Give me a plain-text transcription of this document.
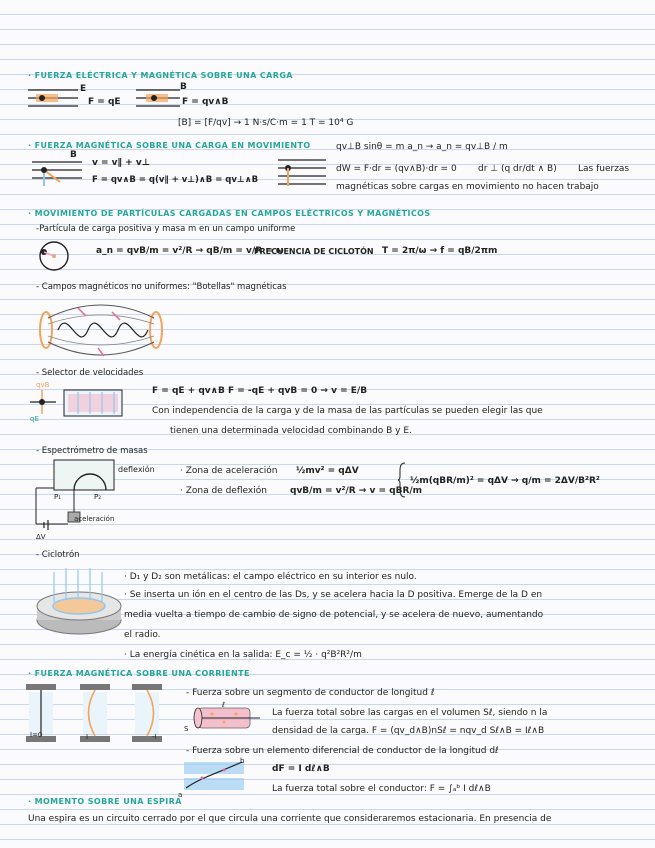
· FUERZA ELÉCTRICA Y MAGNÉTICA SOBRE UNA CARGA
E
F = qE
B
F = qv∧B
[B] = [F/qv] → 1 N·s/C·m = 1 T = 10⁴ G
· FUERZA MAGNÉTICA SOBRE UNA CARGA EN MOVIMIENTO
B
v = v∥ + v⊥
F = qv∧B = q(v∥ + v⊥)∧B = qv⊥∧B
qv⊥B sinθ = m a_n → a_n = qv⊥B / m
dW = F·dr = (qv∧B)·dr = 0 dr ⊥ (q dr/dt ∧ B) Las fuerzas
magnéticas sobre cargas en movimiento no hacen trabajo
· MOVIMIENTO DE PARTÍCULAS CARGADAS EN CAMPOS ELÉCTRICOS Y MAGNÉTICOS
-Partícula de carga positiva y masa m en un campo uniforme
a_n = qvB/m = v²/R → qB/m = v/R = ω
FRECUENCIA DE CICLOTÓN T = 2π/ω → f = qB/2πm
- Campos magnéticos no uniformes: "Botellas" magnéticas
- Selector de velocidades
qvB
qE
F = qE + qv∧B F = -qE + qvB = 0 → v = E/B
Con independencia de la carga y de la masa de las partículas se pueden elegir las que
tienen una determinada velocidad combinando B y E.
- Espectrómetro de masas
deflexión
P₁	P₂
aceleración
ΔV
· Zona de aceleración ½mv² = qΔV
· Zona de deflexión	qvB/m = v²/R → v = qBR/m
½m(qBR/m)² = qΔV → q/m = 2ΔV/B²R²
- Ciclotrón
· D₁ y D₂ son metálicas: el campo eléctrico en su interior es nulo.
· Se inserta un ión en el centro de las Ds, y se acelera hacia la D positiva. Emerge de la D en
media vuelta a tiempo de cambio de signo de potencial, y se acelera de nuevo, aumentando
el radio.
· La energía cinética en la salida: E_c = ½ · q²B²R²/m
· FUERZA MAGNÉTICA SOBRE UNA CORRIENTE
I=0	I	-I
- Fuerza sobre un segmento de conductor de longitud ℓ
ℓ
S
La fuerza total sobre las cargas en el volumen Sℓ, siendo n la
densidad de la carga. F = (qv_d∧B)nSℓ = nqv_d Sℓ∧B = Iℓ∧B
- Fuerza sobre un elemento diferencial de conductor de la longitud dℓ
a
b
dF = I dℓ∧B
La fuerza total sobre el conductor: F = ∫ₐᵇ I dℓ∧B
· MOMENTO SOBRE UNA ESPIRA
Una espira es un circuito cerrado por el que circula una corriente que consideraremos estacionaria. En presencia de
